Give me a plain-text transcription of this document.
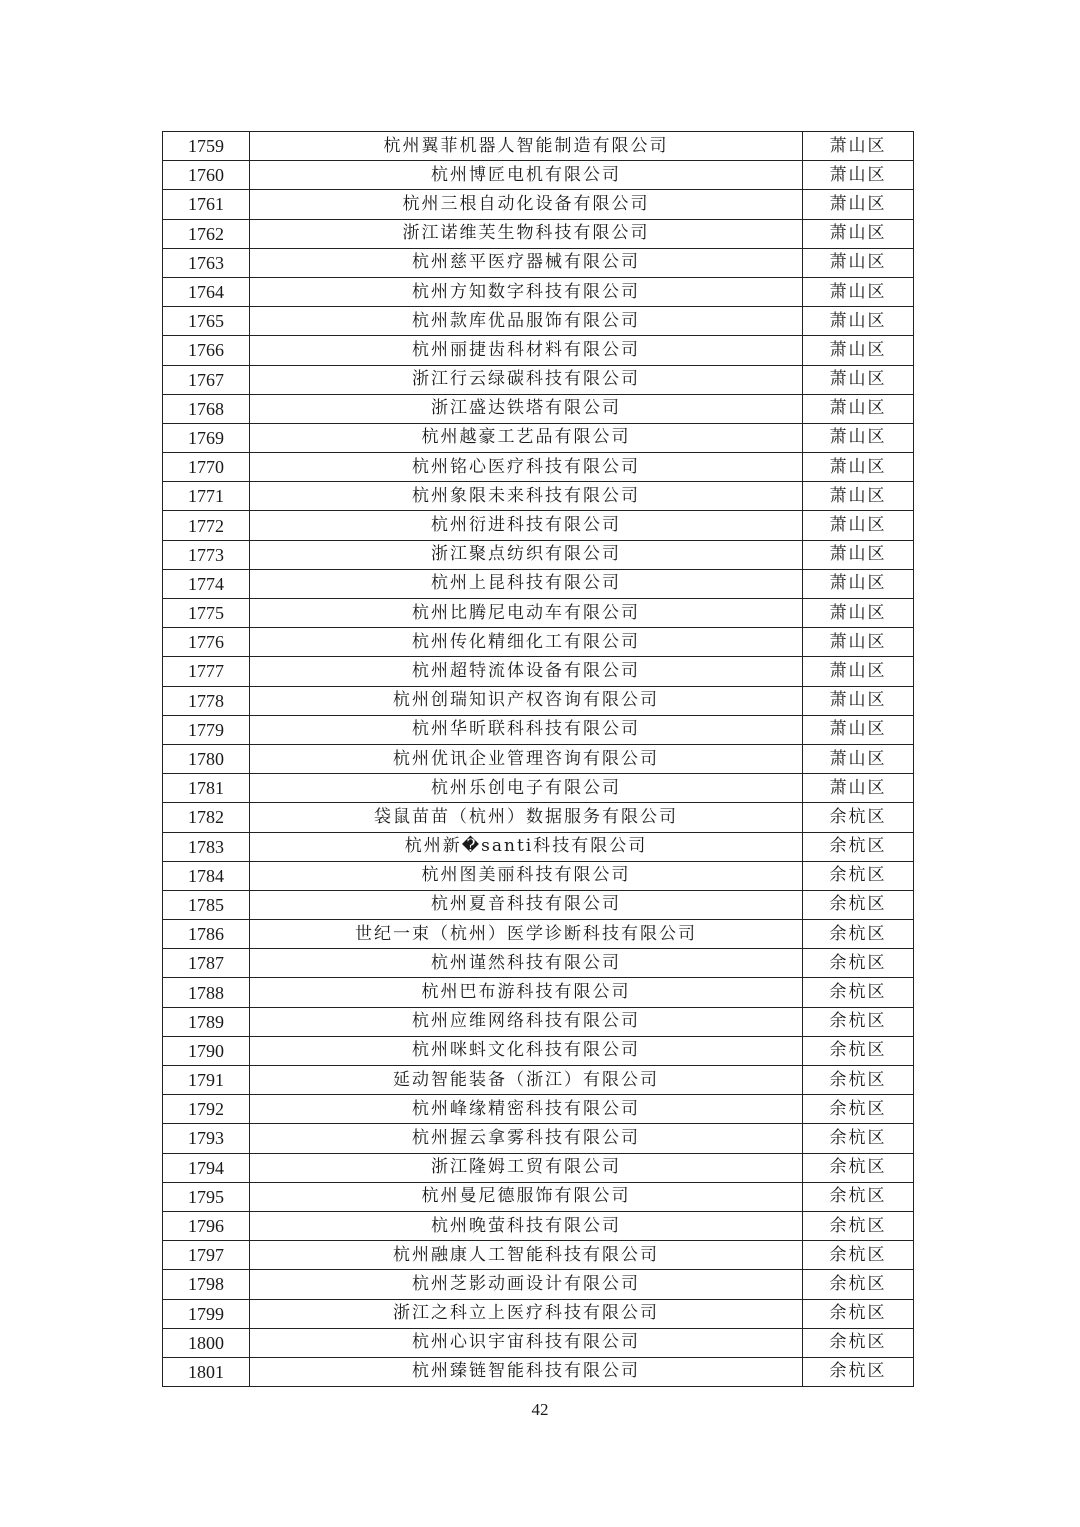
1759	杭州翼菲机器人智能制造有限公司	萧山区
1760	杭州博匠电机有限公司	萧山区
1761	杭州三根自动化设备有限公司	萧山区
1762	浙江诺维芙生物科技有限公司	萧山区
1763	杭州慈平医疗器械有限公司	萧山区
1764	杭州方知数字科技有限公司	萧山区
1765	杭州款库优品服饰有限公司	萧山区
1766	杭州丽捷齿科材料有限公司	萧山区
1767	浙江行云绿碳科技有限公司	萧山区
1768	浙江盛达铁塔有限公司	萧山区
1769	杭州越豪工艺品有限公司	萧山区
1770	杭州铭心医疗科技有限公司	萧山区
1771	杭州象限未来科技有限公司	萧山区
1772	杭州衍进科技有限公司	萧山区
1773	浙江聚点纺织有限公司	萧山区
1774	杭州上昆科技有限公司	萧山区
1775	杭州比腾尼电动车有限公司	萧山区
1776	杭州传化精细化工有限公司	萧山区
1777	杭州超特流体设备有限公司	萧山区
1778	杭州创瑞知识产权咨询有限公司	萧山区
1779	杭州华昕联科科技有限公司	萧山区
1780	杭州优讯企业管理咨询有限公司	萧山区
1781	杭州乐创电子有限公司	萧山区
1782	袋鼠苗苗（杭州）数据服务有限公司	余杭区
1783	杭州新�santi科技有限公司	余杭区
1784	杭州图美丽科技有限公司	余杭区
1785	杭州夏音科技有限公司	余杭区
1786	世纪一束（杭州）医学诊断科技有限公司	余杭区
1787	杭州谨然科技有限公司	余杭区
1788	杭州巴布游科技有限公司	余杭区
1789	杭州应维网络科技有限公司	余杭区
1790	杭州咪蚪文化科技有限公司	余杭区
1791	延动智能装备（浙江）有限公司	余杭区
1792	杭州峰缘精密科技有限公司	余杭区
1793	杭州握云拿雾科技有限公司	余杭区
1794	浙江隆姆工贸有限公司	余杭区
1795	杭州曼尼德服饰有限公司	余杭区
1796	杭州晚萤科技有限公司	余杭区
1797	杭州融康人工智能科技有限公司	余杭区
1798	杭州芝影动画设计有限公司	余杭区
1799	浙江之科立上医疗科技有限公司	余杭区
1800	杭州心识宇宙科技有限公司	余杭区
1801	杭州臻链智能科技有限公司	余杭区
42
